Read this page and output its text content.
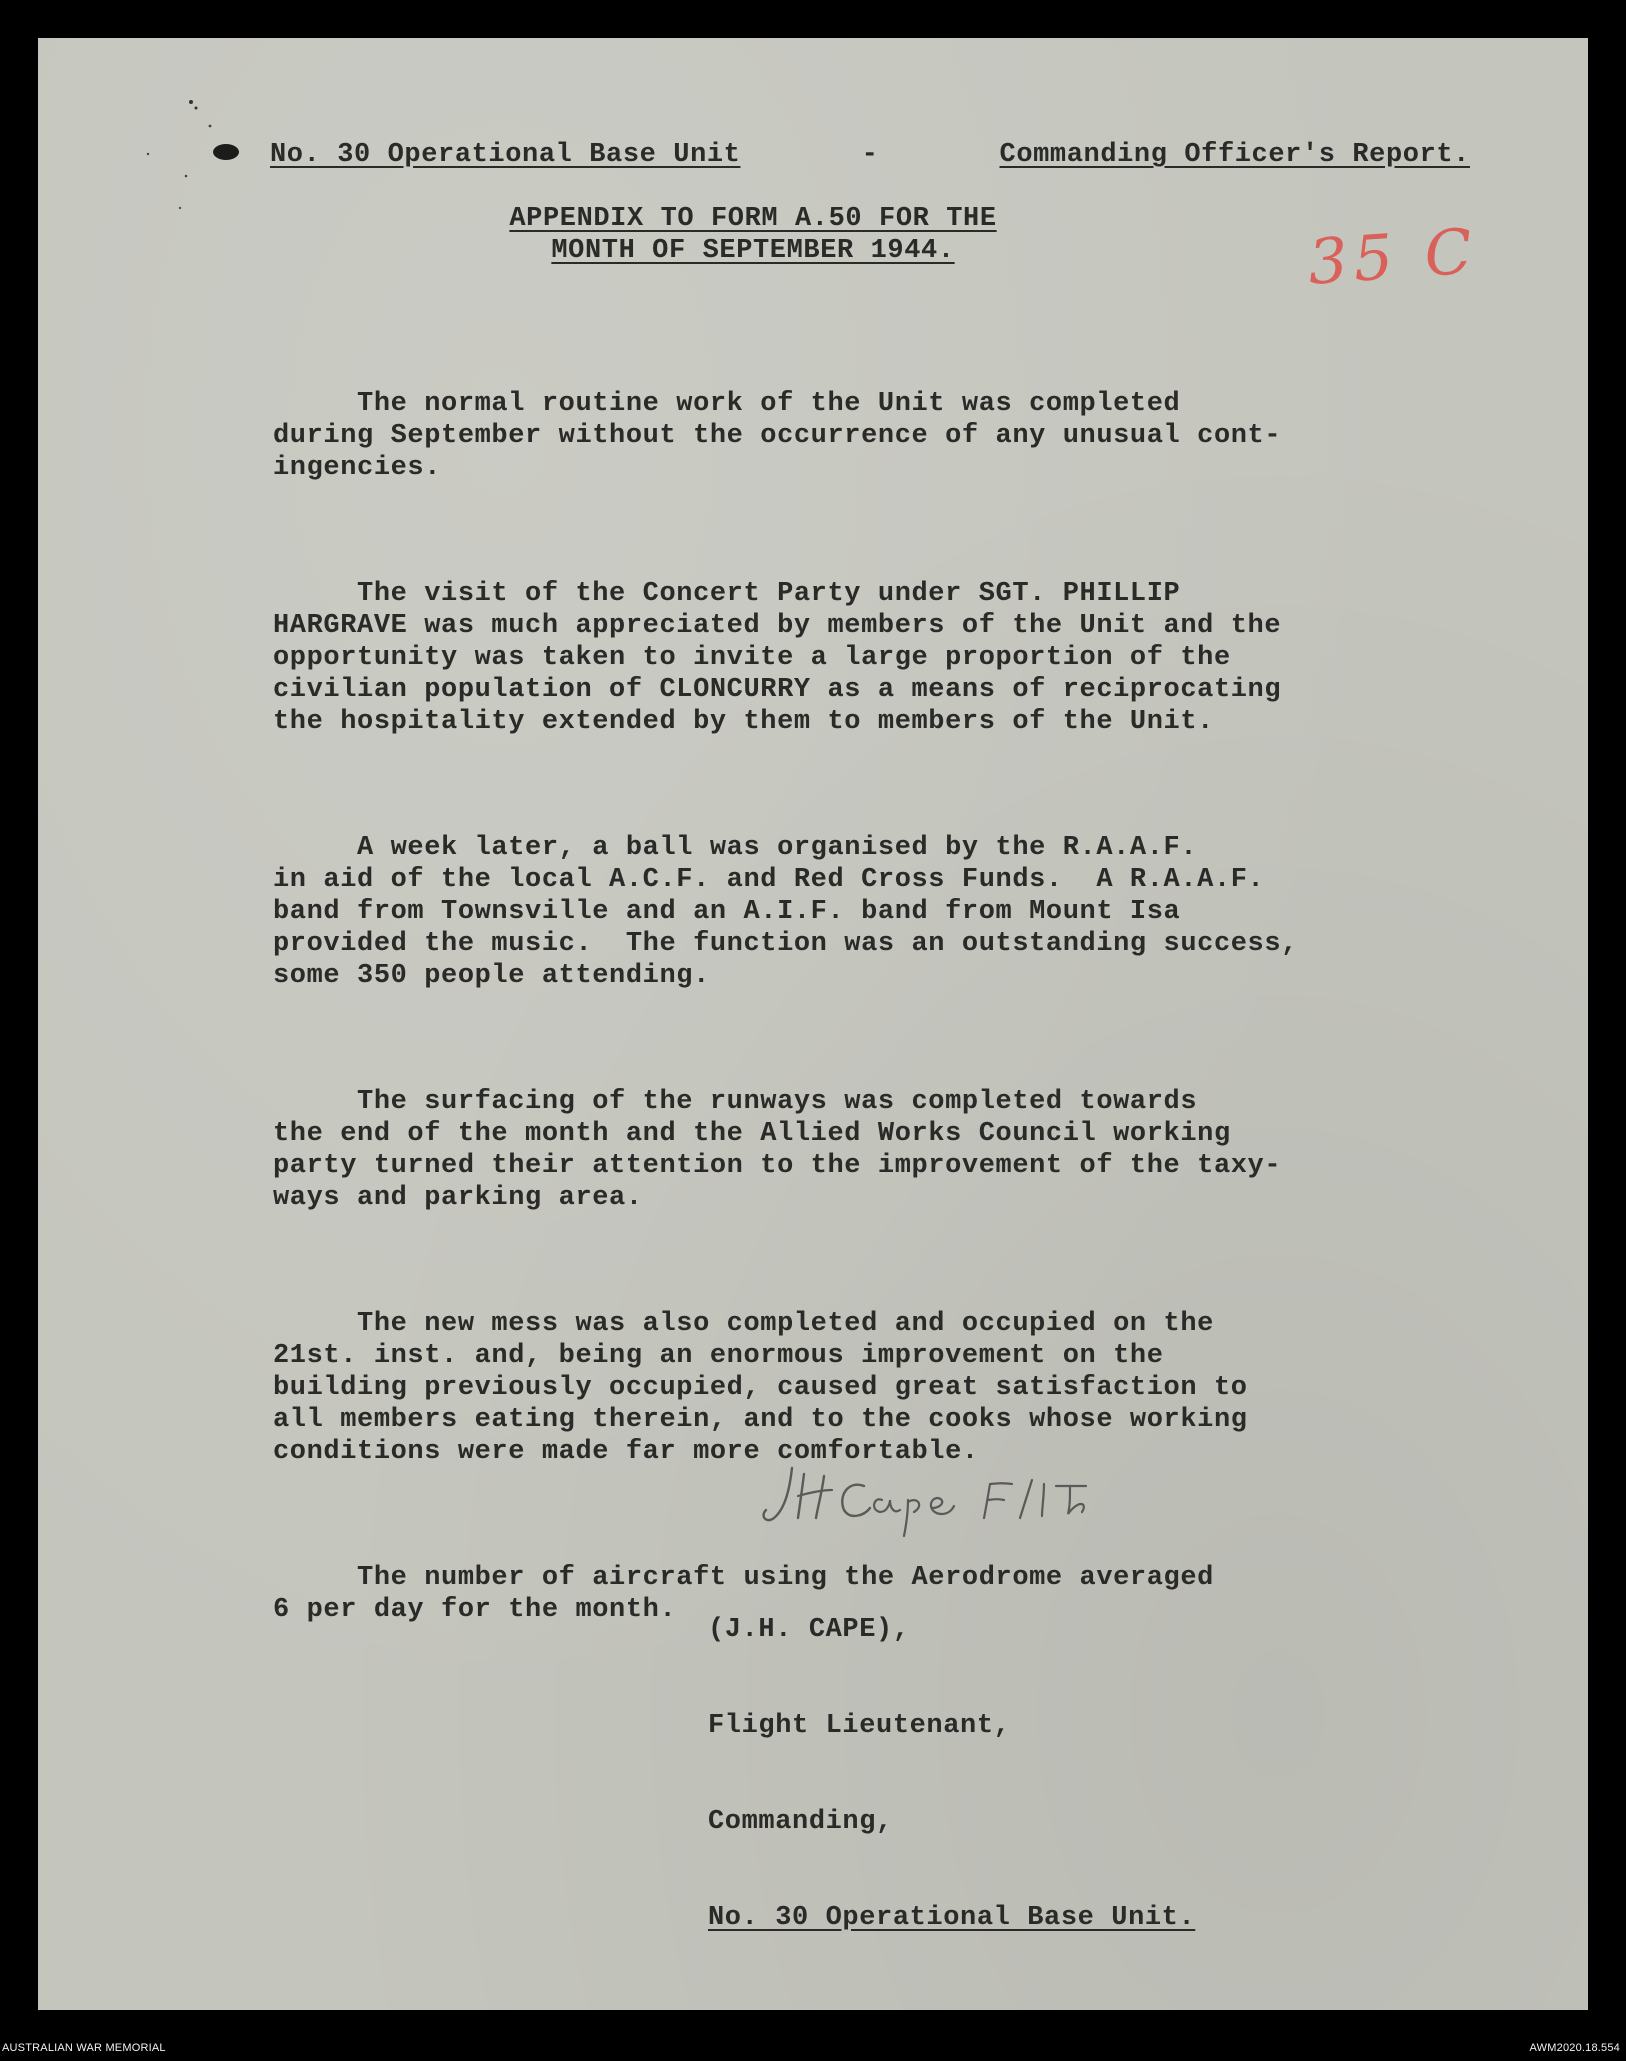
No. 30 Operational Base Unit	-	Commanding Officer's Report.
APPENDIX TO FORM A.50 FOR THE
MONTH OF SEPTEMBER 1944.	35 C

The normal routine work of the Unit was completed
during September without the occurrence of any unusual cont-
ingencies.

The visit of the Concert Party under SGT. PHILLIP
HARGRAVE was much appreciated by members of the Unit and the
opportunity was taken to invite a large proportion of the
civilian population of CLONCURRY as a means of reciprocating
the hospitality extended by them to members of the Unit.

A week later, a ball was organised by the R.A.A.F.
in aid of the local A.C.F. and Red Cross Funds.  A R.A.A.F.
band from Townsville and an A.I.F. band from Mount Isa
provided the music.  The function was an outstanding success,
some 350 people attending.

The surfacing of the runways was completed towards
the end of the month and the Allied Works Council working
party turned their attention to the improvement of the taxy-
ways and parking area.

The new mess was also completed and occupied on the
21st. inst. and, being an enormous improvement on the
building previously occupied, caused great satisfaction to
all members eating therein, and to the cooks whose working
conditions were made far more comfortable.

The number of aircraft using the Aerodrome averaged
6 per day for the month.

(J.H. CAPE),

Flight Lieutenant,

Commanding,

No. 30 Operational Base Unit.

AUSTRALIAN WAR MEMORIAL	AWM2020.18.554
